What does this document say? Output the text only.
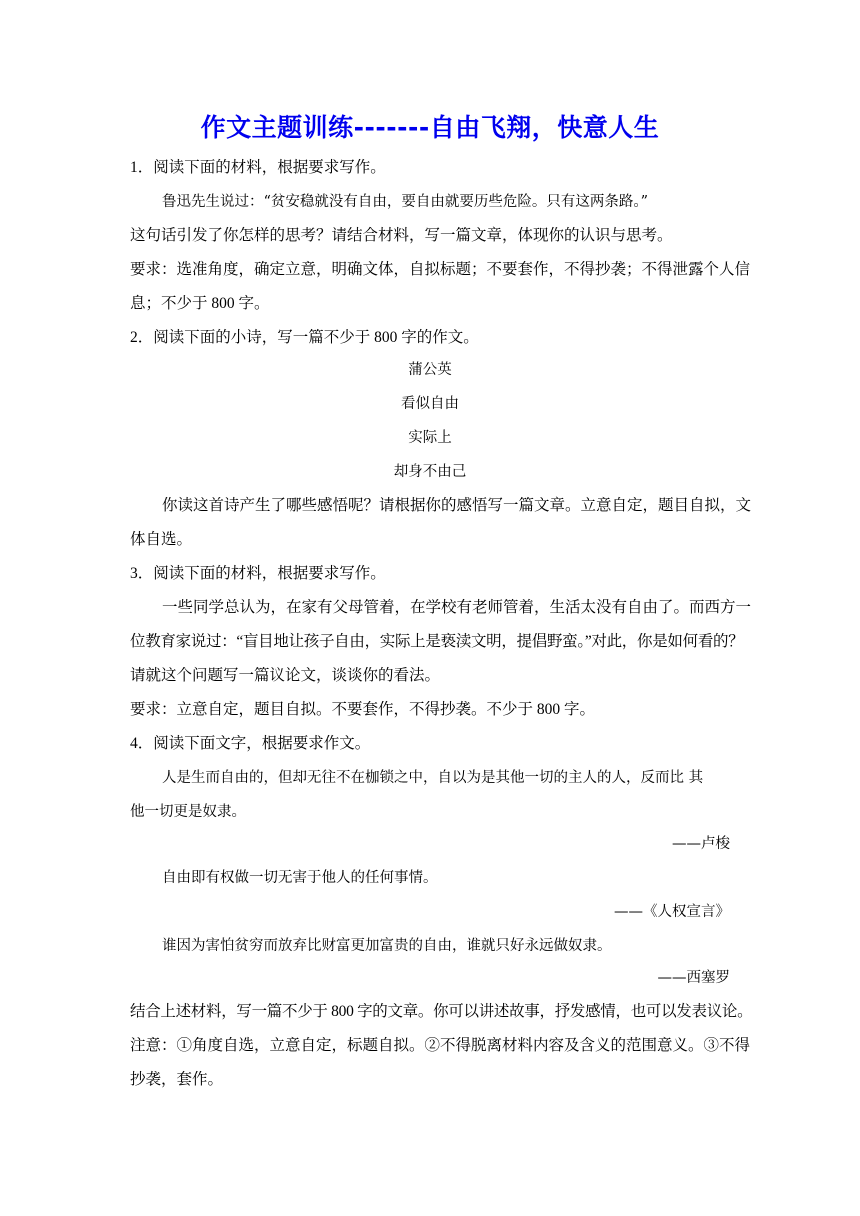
作文主题训练-------自由飞翔，快意人生
1．阅读下面的材料，根据要求写作。
鲁迅先生说过：“贫安稳就没有自由，要自由就要历些危险。只有这两条路。”
这句话引发了你怎样的思考？请结合材料，写一篇文章，体现你的认识与思考。
要求：选准角度，确定立意，明确文体，自拟标题；不要套作，不得抄袭；不得泄露个人信
息；不少于 800 字。
2．阅读下面的小诗，写一篇不少于 800 字的作文。
蒲公英
看似自由
实际上
却身不由己
你读这首诗产生了哪些感悟呢？请根据你的感悟写一篇文章。立意自定，题目自拟，文
体自选。
3．阅读下面的材料，根据要求写作。
一些同学总认为，在家有父母管着，在学校有老师管着，生活太没有自由了。而西方一
位教育家说过：“盲目地让孩子自由，实际上是亵渎文明，提倡野蛮。”对此，你是如何看的？
请就这个问题写一篇议论文，谈谈你的看法。
要求：立意自定，题目自拟。不要套作，不得抄袭。不少于 800 字。
4．阅读下面文字，根据要求作文。
人是生而自由的，但却无往不在枷锁之中，自以为是其他一切的主人的人，反而比 其
他一切更是奴隶。
——卢梭
自由即有权做一切无害于他人的任何事情。
——《人权宣言》
谁因为害怕贫穷而放弃比财富更加富贵的自由，谁就只好永远做奴隶。
——西塞罗
结合上述材料，写一篇不少于 800 字的文章。你可以讲述故事，抒发感情，也可以发表议论。
注意：①角度自选，立意自定，标题自拟。②不得脱离材料内容及含义的范围意义。③不得
抄袭，套作。
